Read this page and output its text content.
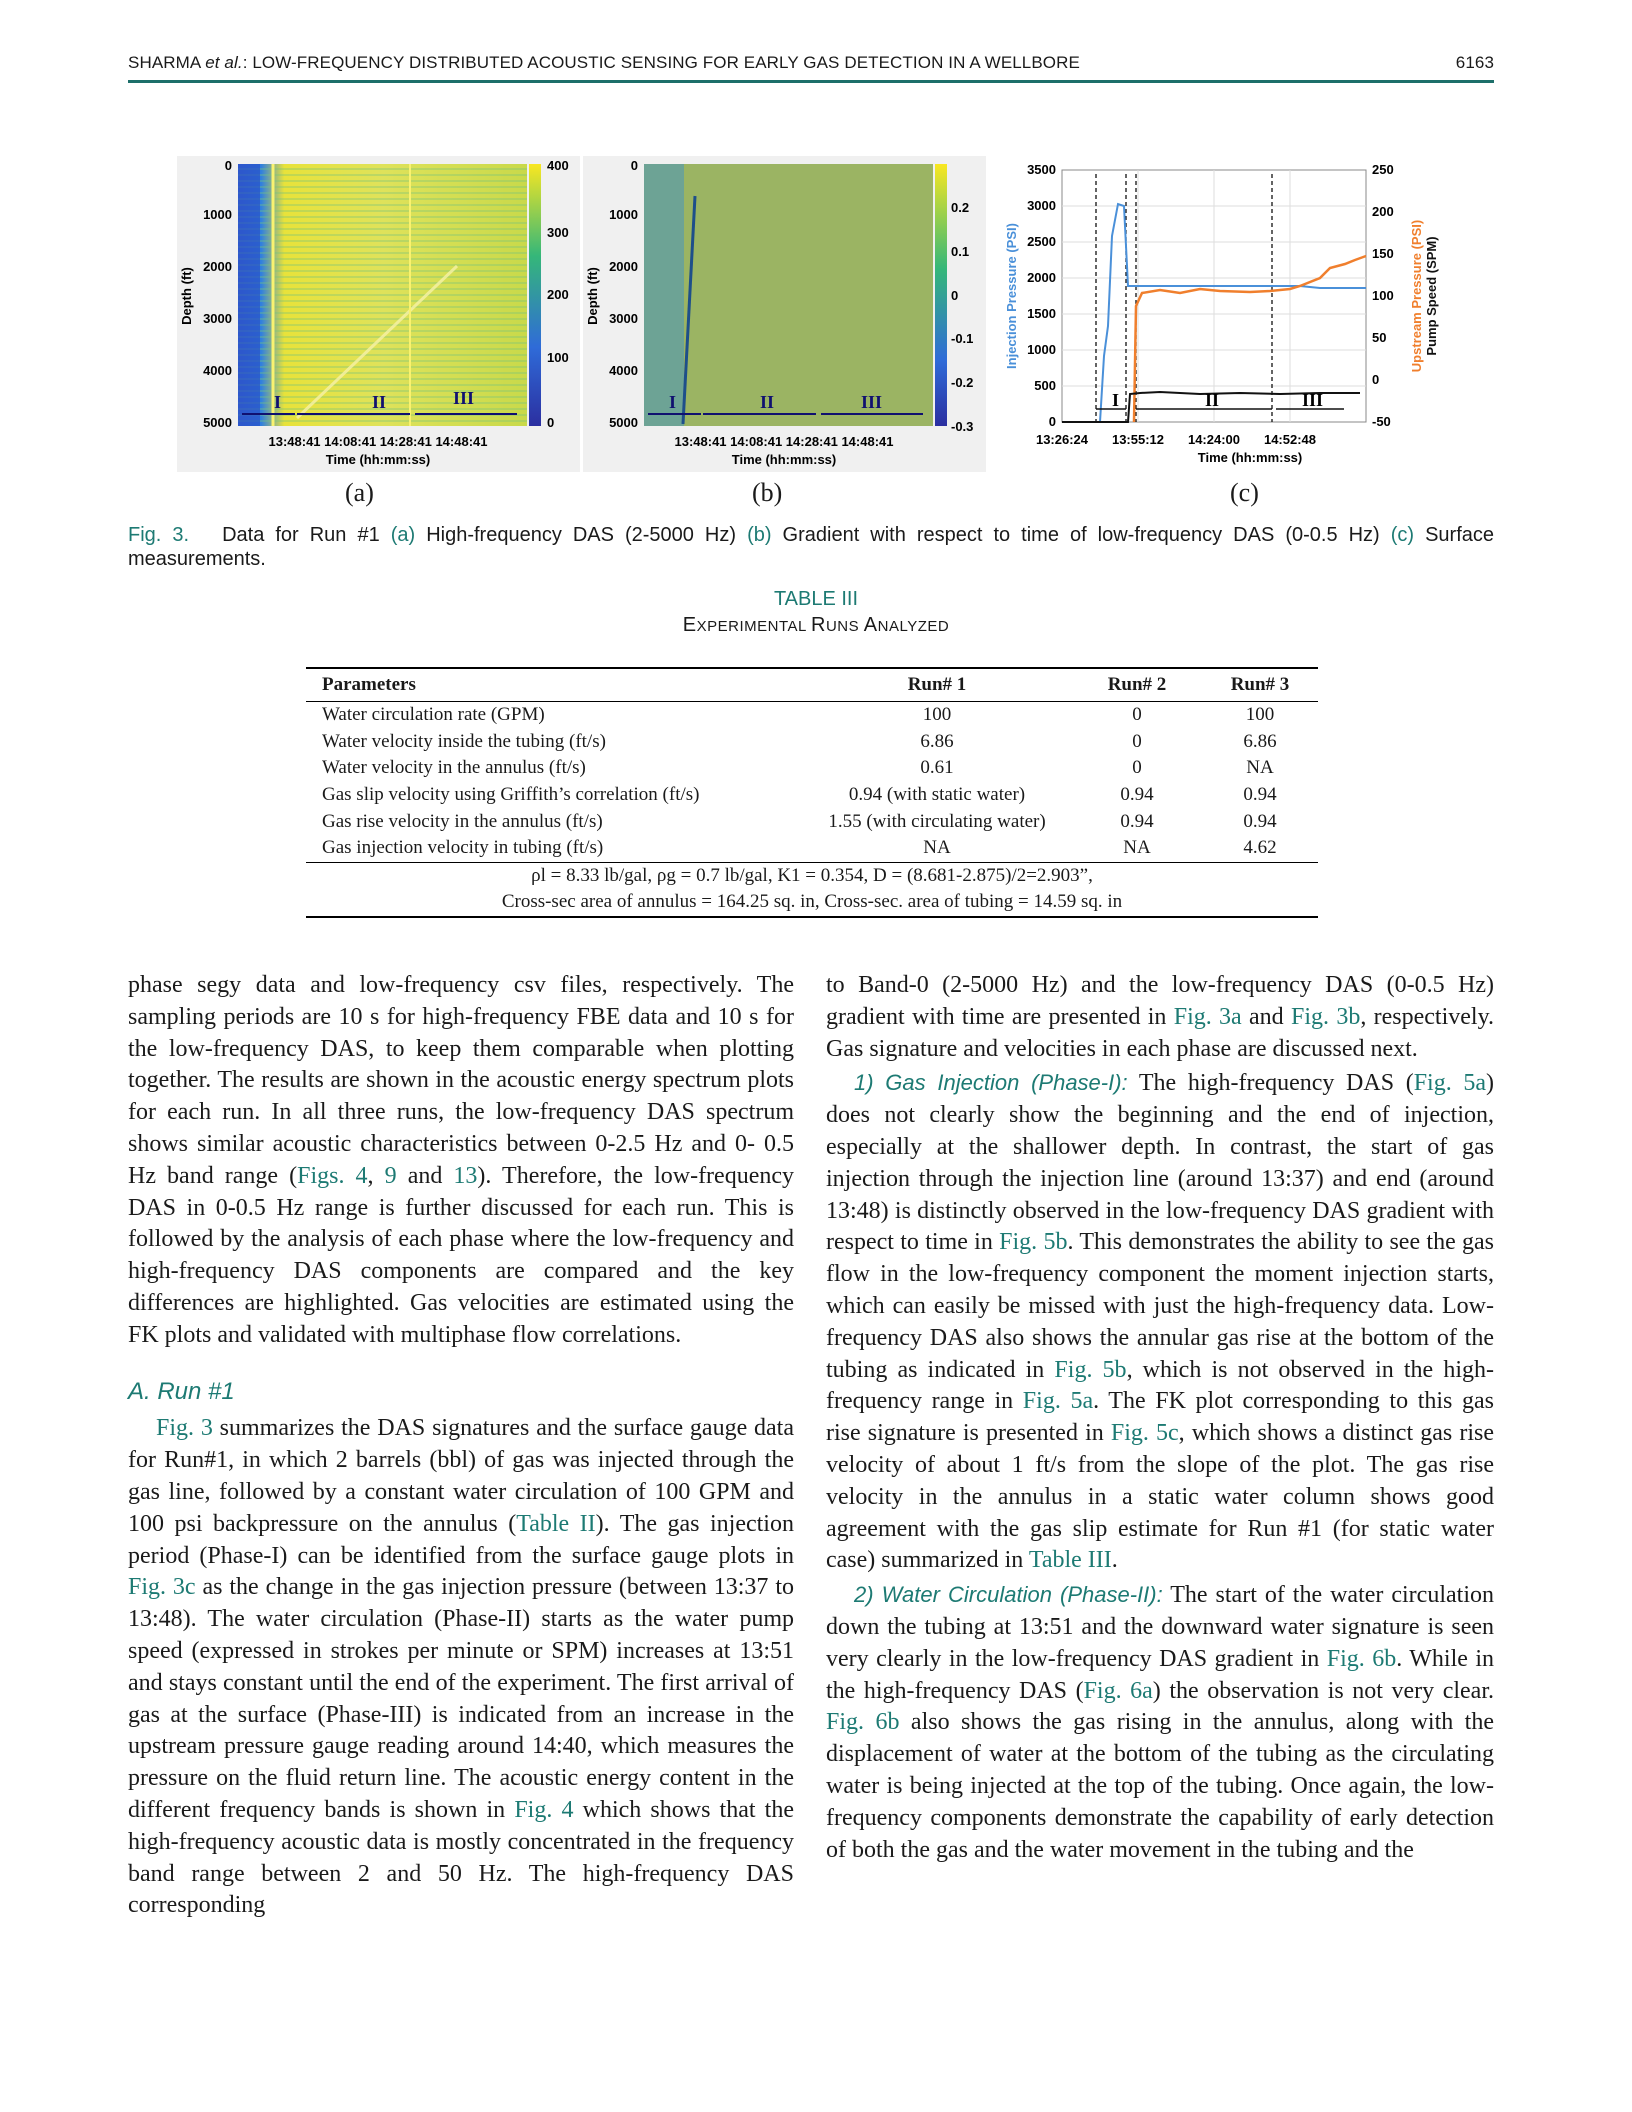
SHARMA et al.: LOW-FREQUENCY DISTRIBUTED ACOUSTIC SENSING FOR EARLY GAS DETECTION IN A WELLBORE	6163
Depth (ft)
0
1000
2000
3000
4000
5000
400
300
200
100
0
I	II	III
13:48:41 14:08:41 14:28:41 14:48:41
Time (hh:mm:ss)
(a)
Depth (ft)
0
1000
2000
3000
4000
5000
0.2
0.1
0
-0.1
-0.2
-0.3
I	II	III
13:48:41 14:08:41 14:28:41 14:48:41
Time (hh:mm:ss)
(b)
Injection Pressure (PSI)	Upstream Pressure (PSI) Pump Speed (SPM)
3500
3000
2500
2000
1500
1000
500
0
250
200
150
100
50
0
-50
I	II	III
13:26:24 13:55:12 14:24:00 14:52:48
Time (hh:mm:ss)
(c)
Fig. 3. Data for Run #1 (a) High-frequency DAS (2-5000 Hz) (b) Gradient with respect to time of low-frequency DAS (0-0.5 Hz) (c) Surface measurements.
TABLE III
EXPERIMENTAL RUNS ANALYZED
Parameters	Run# 1	Run# 2	Run# 3
Water circulation rate (GPM)	100	0	100
Water velocity inside the tubing (ft/s)	6.86	0	6.86
Water velocity in the annulus (ft/s)	0.61	0	NA
Gas slip velocity using Griffith’s correlation (ft/s)	0.94 (with static water)	0.94	0.94
Gas rise velocity in the annulus (ft/s)	1.55 (with circulating water)	0.94	0.94
Gas injection velocity in tubing (ft/s)	NA	NA	4.62
ρl = 8.33 lb/gal, ρg = 0.7 lb/gal, K1 = 0.354, D = (8.681-2.875)/2=2.903”,			
Cross-sec area of annulus = 164.25 sq. in, Cross-sec. area of tubing = 14.59 sq. in			

phase segy data and low-frequency csv files, respectively. The sampling periods are 10 s for high-frequency FBE data and 10 s for the low-frequency DAS, to keep them comparable when plotting together. The results are shown in the acoustic energy spectrum plots for each run. In all three runs, the low-frequency DAS spectrum shows similar acoustic characteristics between 0-2.5 Hz and 0- 0.5 Hz band range (Figs. 4, 9 and 13). Therefore, the low-frequency DAS in 0-0.5 Hz range is further discussed for each run. This is followed by the analysis of each phase where the low-frequency and high-frequency DAS components are compared and the key differences are highlighted. Gas velocities are estimated using the FK plots and validated with multiphase flow correlations.

A. Run #1

Fig. 3 summarizes the DAS signatures and the surface gauge data for Run#1, in which 2 barrels (bbl) of gas was injected through the gas line, followed by a constant water circulation of 100 GPM and 100 psi backpressure on the annulus (Table II). The gas injection period (Phase-I) can be identified from the surface gauge plots in Fig. 3c as the change in the gas injection pressure (between 13:37 to 13:48). The water circulation (Phase-II) starts as the water pump speed (expressed in strokes per minute or SPM) increases at 13:51 and stays constant until the end of the experiment. The first arrival of gas at the surface (Phase-III) is indicated from an increase in the upstream pressure gauge reading around 14:40, which measures the pressure on the fluid return line. The acoustic energy content in the different frequency bands is shown in Fig. 4 which shows that the high-frequency acoustic data is mostly concentrated in the frequency band range between 2 and 50 Hz. The high-frequency DAS corresponding

to Band-0 (2-5000 Hz) and the low-frequency DAS (0-0.5 Hz) gradient with time are presented in Fig. 3a and Fig. 3b, respectively. Gas signature and velocities in each phase are discussed next.

1) Gas Injection (Phase-I): The high-frequency DAS (Fig. 5a) does not clearly show the beginning and the end of injection, especially at the shallower depth. In contrast, the start of gas injection through the injection line (around 13:37) and end (around 13:48) is distinctly observed in the low-frequency DAS gradient with respect to time in Fig. 5b. This demonstrates the ability to see the gas flow in the low-frequency component the moment injection starts, which can easily be missed with just the high-frequency data. Low-frequency DAS also shows the annular gas rise at the bottom of the tubing as indicated in Fig. 5b, which is not observed in the high-frequency range in Fig. 5a. The FK plot corresponding to this gas rise signature is presented in Fig. 5c, which shows a distinct gas rise velocity of about 1 ft/s from the slope of the plot. The gas rise velocity in the annulus in a static water column shows good agreement with the gas slip estimate for Run #1 (for static water case) summarized in Table III.

2) Water Circulation (Phase-II): The start of the water circulation down the tubing at 13:51 and the downward water signature is seen very clearly in the low-frequency DAS gradient in Fig. 6b. While in the high-frequency DAS (Fig. 6a) the observation is not very clear. Fig. 6b also shows the gas rising in the annulus, along with the displacement of water at the bottom of the tubing as the circulating water is being injected at the top of the tubing. Once again, the low-frequency components demonstrate the capability of early detection of both the gas and the water movement in the tubing and the
